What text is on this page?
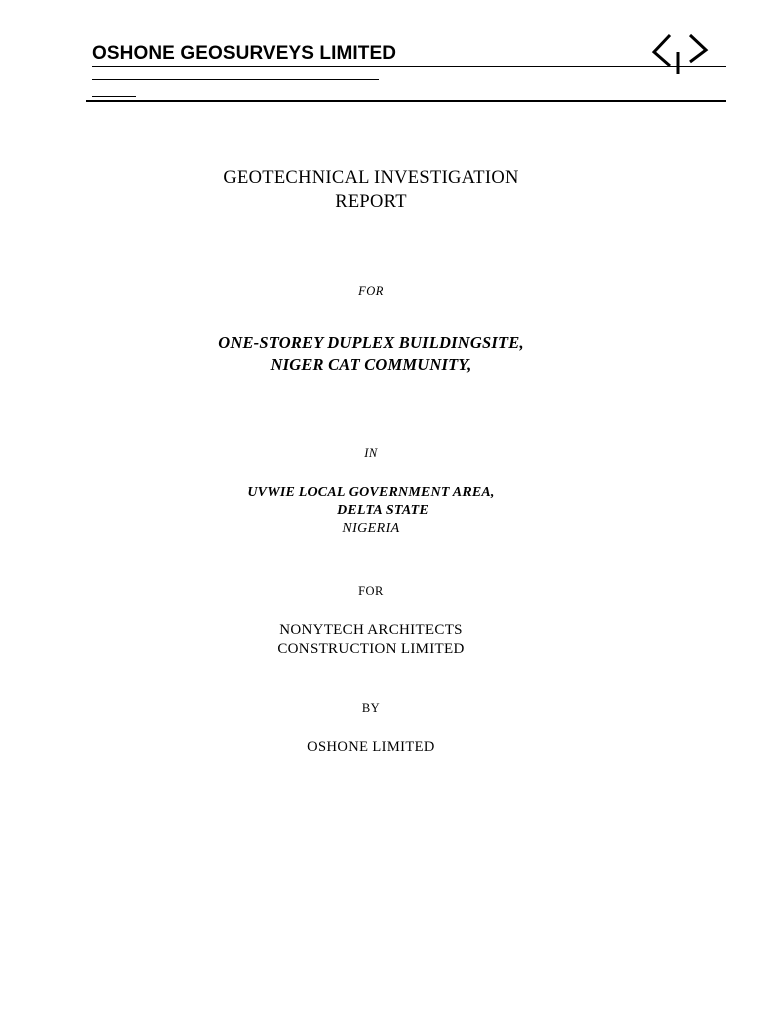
OSHONE GEOSURVEYS LIMITED
GEOTECHNICAL INVESTIGATION
REPORT
FOR
ONE-STOREY DUPLEX BUILDINGSITE,
NIGER CAT COMMUNITY,
IN
UVWIE LOCAL GOVERNMENT AREA,
DELTA STATE
NIGERIA
FOR
NONYTECH ARCHITECTS
CONSTRUCTION LIMITED
BY
OSHONE LIMITED
